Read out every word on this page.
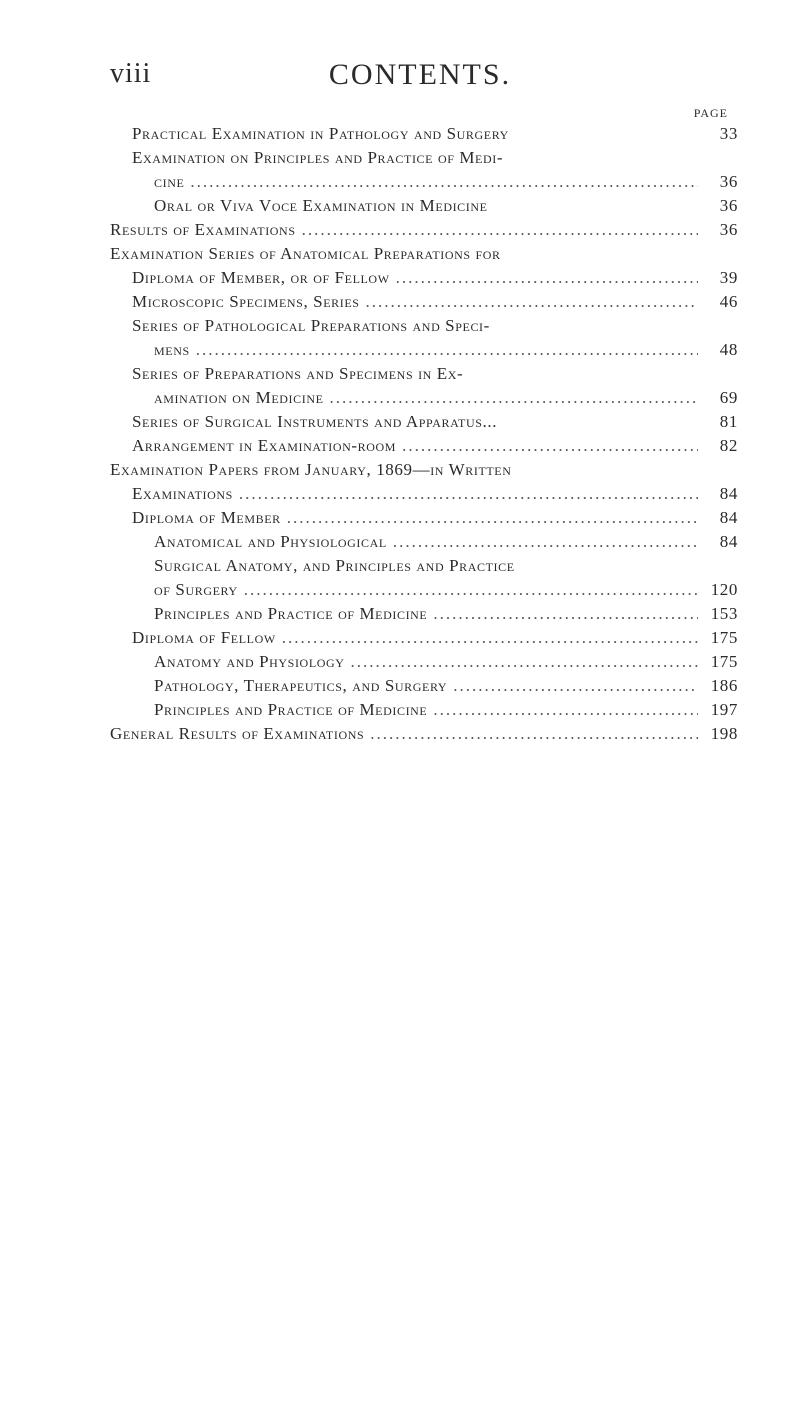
viii	CONTENTS.
PAGE
Practical Examination in Pathology and Surgery	33
Examination on Principles and Practice of Medi-
cine .....	36
Oral or Viva Voce Examination in Medicine	36
Results of Examinations .....	36
Examination Series of Anatomical Preparations for
Diploma of Member, or of Fellow .....	39
Microscopic Specimens, Series .....	46
Series of Pathological Preparations and Speci-
mens .....	48
Series of Preparations and Specimens in Ex-
amination on Medicine .....	69
Series of Surgical Instruments and Apparatus...	81
Arrangement in Examination-room .....	82
Examination Papers from January, 1869—in Written
Examinations .....	84
Diploma of Member .....	84
Anatomical and Physiological .....	84
Surgical Anatomy, and Principles and Practice
of Surgery .....	120
Principles and Practice of Medicine .....	153
Diploma of Fellow .....	175
Anatomy and Physiology .....	175
Pathology, Therapeutics, and Surgery .....	186
Principles and Practice of Medicine .....	197
General Results of Examinations .....	198
